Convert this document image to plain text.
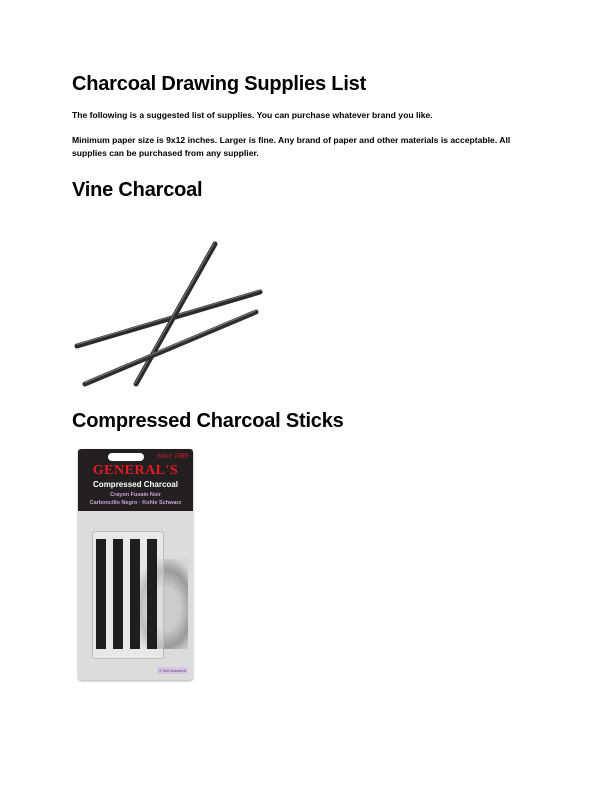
Charcoal Drawing Supplies List

The following is a suggested list of supplies. You can purchase whatever brand you like.

Minimum paper size is 9x12 inches. Larger is fine. Any brand of paper and other materials is acceptable. All supplies can be purchased from any supplier.

Vine Charcoal
Compressed Charcoal Sticks
Since 1889
GENERAL'S
Compressed Charcoal
Crayon Fusain Noir
Carboncillo Negro · Kohle Schwarz
4 Soft Assorted
